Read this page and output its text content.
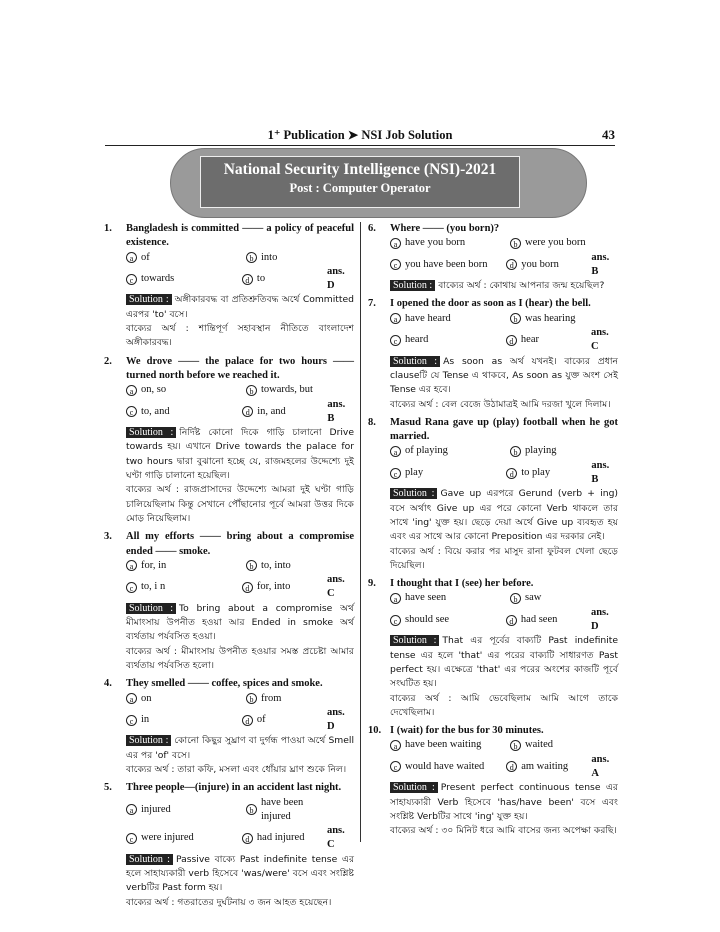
1⁺ Publication ➤ NSI Job Solution	43
National Security Intelligence (NSI)-2021
Post : Computer Operator
1. Bangladesh is committed —— a policy of peaceful existence.
a of	b into
c towards	d to
ans. D
Solution : অঙ্গীকারবদ্ধ বা প্রতিশ্রুতিবদ্ধ অর্থে Committed এরপর 'to' বসে।
বাক্যের অর্থ : শান্তিপূর্ণ সহাবস্থান নীতিতে বাংলাদেশ অঙ্গীকারবদ্ধ।
2. We drove —— the palace for two hours —— turned north before we reached it.
a on, so	b towards, but
c to, and	d in, and
ans. B
Solution : নির্দিষ্ট কোনো দিকে গাড়ি চালানো Drive towards হয়। এখানে Drive towards the palace for two hours দ্বারা বুঝানো হচ্ছে যে, রাজমহলের উদ্দেশ্যে দুই ঘণ্টা গাড়ি চালানো হয়েছিল।
বাক্যের অর্থ : রাজপ্রাসাদের উদ্দেশ্যে আমরা দুই ঘণ্টা গাড়ি চালিয়েছিলাম কিন্তু সেখানে পৌঁছানোর পূর্বে আমরা উত্তর দিকে মোড় নিয়েছিলাম।
3. All my efforts —— bring about a compromise ended —— smoke.
a for, in	b to, into
c to, i n	d for, into
ans. C
Solution : To bring about a compromise অর্থ মীমাংসায় উপনীত হওয়া আর Ended in smoke অর্থ ব্যর্থতায় পর্যবসিত হওয়া।
বাক্যের অর্থ : মীমাংসায় উপনীত হওয়ার সমস্ত প্রচেষ্টা আমার ব্যর্থতায় পর্যবসিত হলো।
4. They smelled —— coffee, spices and smoke.
a on	b from
c in	d of
ans. D
Solution : কোনো কিছুর সুঘ্রাণ বা দুর্গন্ধ পাওয়া অর্থে Smell এর পর 'of' বসে।
বাক্যের অর্থ : তারা কফি, মসলা এবং ধোঁয়ার ঘ্রাণ শুকে নিল।
5. Three people—(injure) in an accident last night.
a injured	b
have been injured
c were injured	d had injured
ans. C
Solution : Passive বাক্যে Past indefinite tense এর হলে সাহায্যকারী verb হিসেবে 'was/were' বসে এবং সংশ্লিষ্ট verbটির Past form হয়।
বাক্যের অর্থ : গতরাতের দুর্ঘটনায় ৩ জন আহত হয়েছেন।
6. Where —— (you born)?
a have you born	b were you born
c you have been born	d you born
ans. B
Solution : বাক্যের অর্থ : কোথায় আপনার জন্ম হয়েছিল?
7. I opened the door as soon as I (hear) the bell.
a have heard	b was hearing
c heard	d hear
ans. C
Solution : As soon as অর্থ যখনই। বাক্যের প্রধান clauseটি যে Tense এ থাকবে, As soon as যুক্ত অংশ সেই Tense এর হবে।
বাক্যের অর্থ : বেল বেজে উঠামাত্রই আমি দরজা খুলে দিলাম।
8. Masud Rana gave up (play) football when he got married.
a of playing	b playing
c play	d to play
ans. B
Solution : Gave up এরপরে Gerund (verb + ing) বসে অর্থাৎ Give up এর পরে কোনো Verb থাকলে তার সাথে 'ing' যুক্ত হয়। ছেড়ে দেয়া অর্থে Give up ব্যবহৃত হয় এবং এর সাথে আর কোনো Preposition এর দরকার নেই।
বাক্যের অর্থ : বিয়ে করার পর মাসুদ রানা ফুটবল খেলা ছেড়ে দিয়েছিল।
9. I thought that I (see) her before.
a have seen	b saw
c should see	d had seen
ans. D
Solution : That এর পূর্বের বাক্যটি Past indefinite tense এর হলে 'that' এর পরের বাক্যটি সাধারণত Past perfect হয়। এক্ষেত্রে 'that' এর পরের অংশের কাজটি পূর্বে সংঘটিত হয়।
বাক্যের অর্থ : আমি ভেবেছিলাম আমি আগে তাকে দেখেছিলাম।
10. I (wait) for the bus for 30 minutes.
a have been waiting	b waited
c would have waited	d am waiting
ans. A
Solution : Present perfect continuous tense এর সাহায্যকারী Verb হিসেবে 'has/have been' বসে এবং সংশ্লিষ্ট Verbটির সাথে 'ing' যুক্ত হয়।
বাক্যের অর্থ : ৩০ মিনিট ধরে আমি বাসের জন্য অপেক্ষা করছি।
